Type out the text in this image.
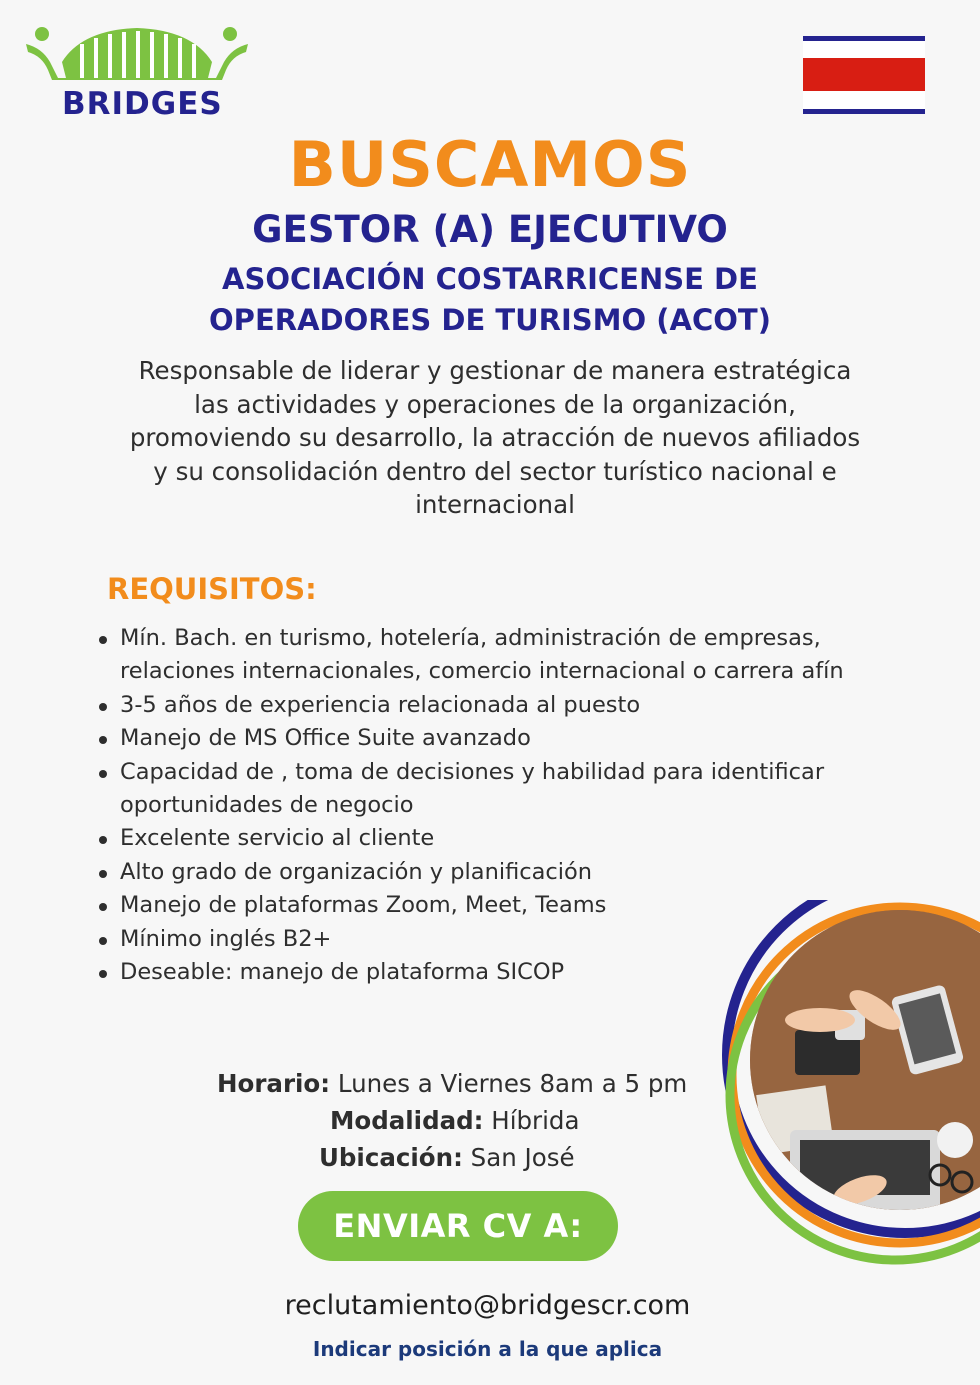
BRIDGES
BUSCAMOS
GESTOR (A) EJECUTIVO
ASOCIACIÓN COSTARRICENSE DE
OPERADORES DE TURISMO (ACOT)
Responsable de liderar y gestionar de manera estratégica
las actividades y operaciones de la organización,
promoviendo su desarrollo, la atracción de nuevos afiliados
y su consolidación dentro del sector turístico nacional e
internacional
REQUISITOS:
Mín. Bach. en turismo, hotelería, administración de empresas,
relaciones internacionales, comercio internacional o carrera afín
3-5 años de experiencia relacionada al puesto
Manejo de MS Office Suite avanzado
Capacidad de , toma de decisiones y habilidad para identificar
oportunidades de negocio
Excelente servicio al cliente
Alto grado de organización y planificación
Manejo de plataformas Zoom, Meet, Teams
Mínimo inglés B2+
Deseable: manejo de plataforma SICOP
Horario: Lunes a Viernes 8am a 5 pm
Modalidad: Híbrida
Ubicación: San José
ENVIAR CV A:
reclutamiento@bridgescr.com
Indicar posición a la que aplica
